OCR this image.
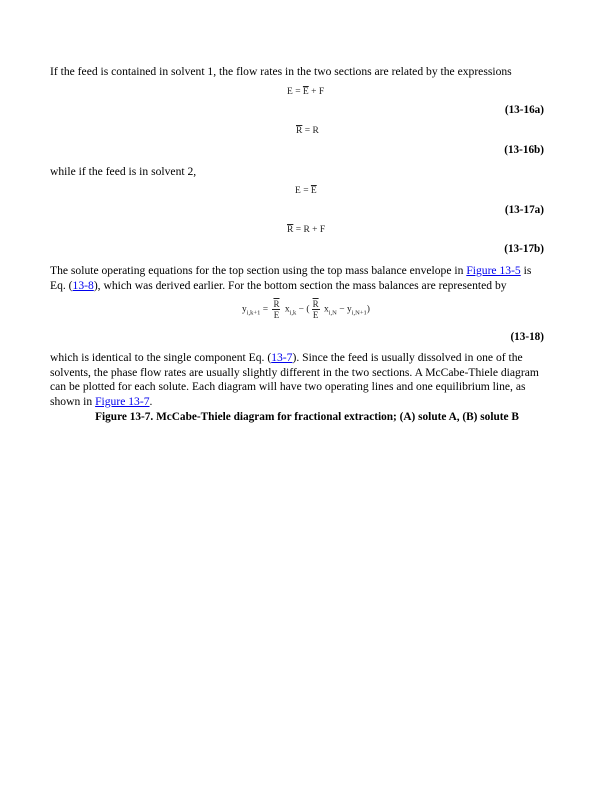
If the feed is contained in solvent 1, the flow rates in the two sections are related by the expressions
$E = \overline{E} + F$
(13-16a)
$\overline{R} = R$
(13-16b)
while if the feed is in solvent 2,
$E = \overline{E}$
(13-17a)
$\overline{R} = R + F$
(13-17b)
The solute operating equations for the top section using the top mass balance envelope in Figure 13-5 is Eq. (13-8), which was derived earlier. For the bottom section the mass balances are represented by
$y_{i,k+1} = \frac{\overline{R}}{E} x_{i,k}$ − ( $\frac{\overline{R}}{E} x_{i,N} - y_{i,N+1}$)
(13-18)
which is identical to the single component Eq. (13-7). Since the feed is usually dissolved in one of the solvents, the phase flow rates are usually slightly different in the two sections. A McCabe-Thiele diagram can be plotted for each solute. Each diagram will have two operating lines and one equilibrium line, as shown in Figure 13-7.
Figure 13-7. McCabe-Thiele diagram for fractional extraction; (A) solute A, (B) solute B
